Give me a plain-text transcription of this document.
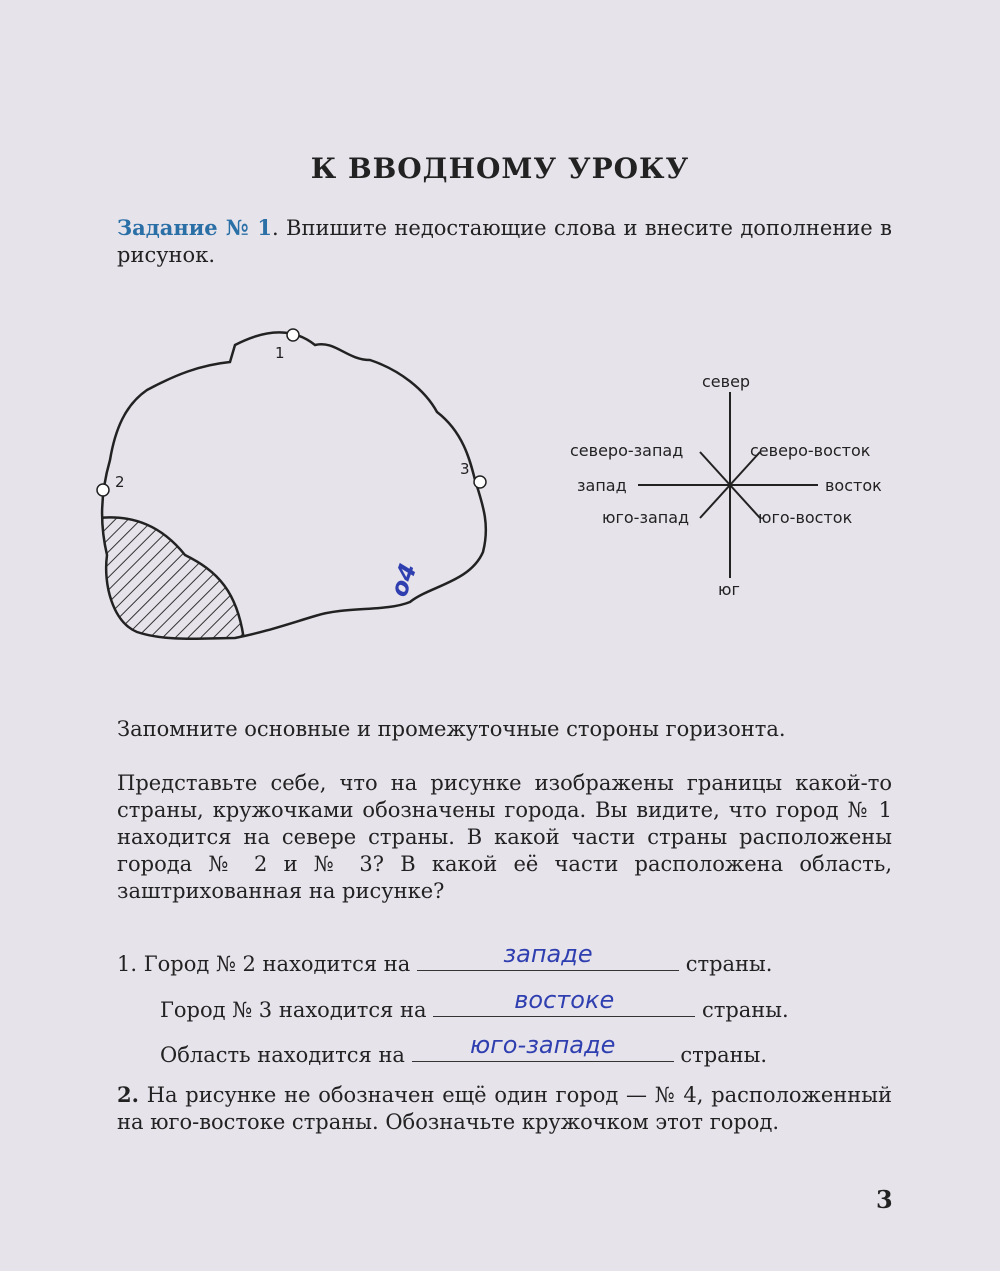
К ВВОДНОМУ УРОКУ
Задание № 1. Впишите недостающие слова и внесите дополнение в рисунок.
1
2
3
o4
север
северо-восток
северо-запад
запад	восток
юго-запад	юго-восток
юг
Запомните основные и промежуточные стороны горизонта.
Представьте себе, что на рисунке изображены границы какой-то страны, кружочками обозначены города. Вы видите, что город № 1 находится на севере страны. В какой части страны расположены города № 2 и № 3? В какой её части расположена область, заштрихованная на рисунке?
1. Город № 2 находится на	западе	страны.
Город № 3 находится на	востоке	страны.
Область находится на	юго-западе	страны.
2. На рисунке не обозначен ещё один город — № 4, расположенный на юго-востоке страны. Обозначьте кружочком этот город.
3
